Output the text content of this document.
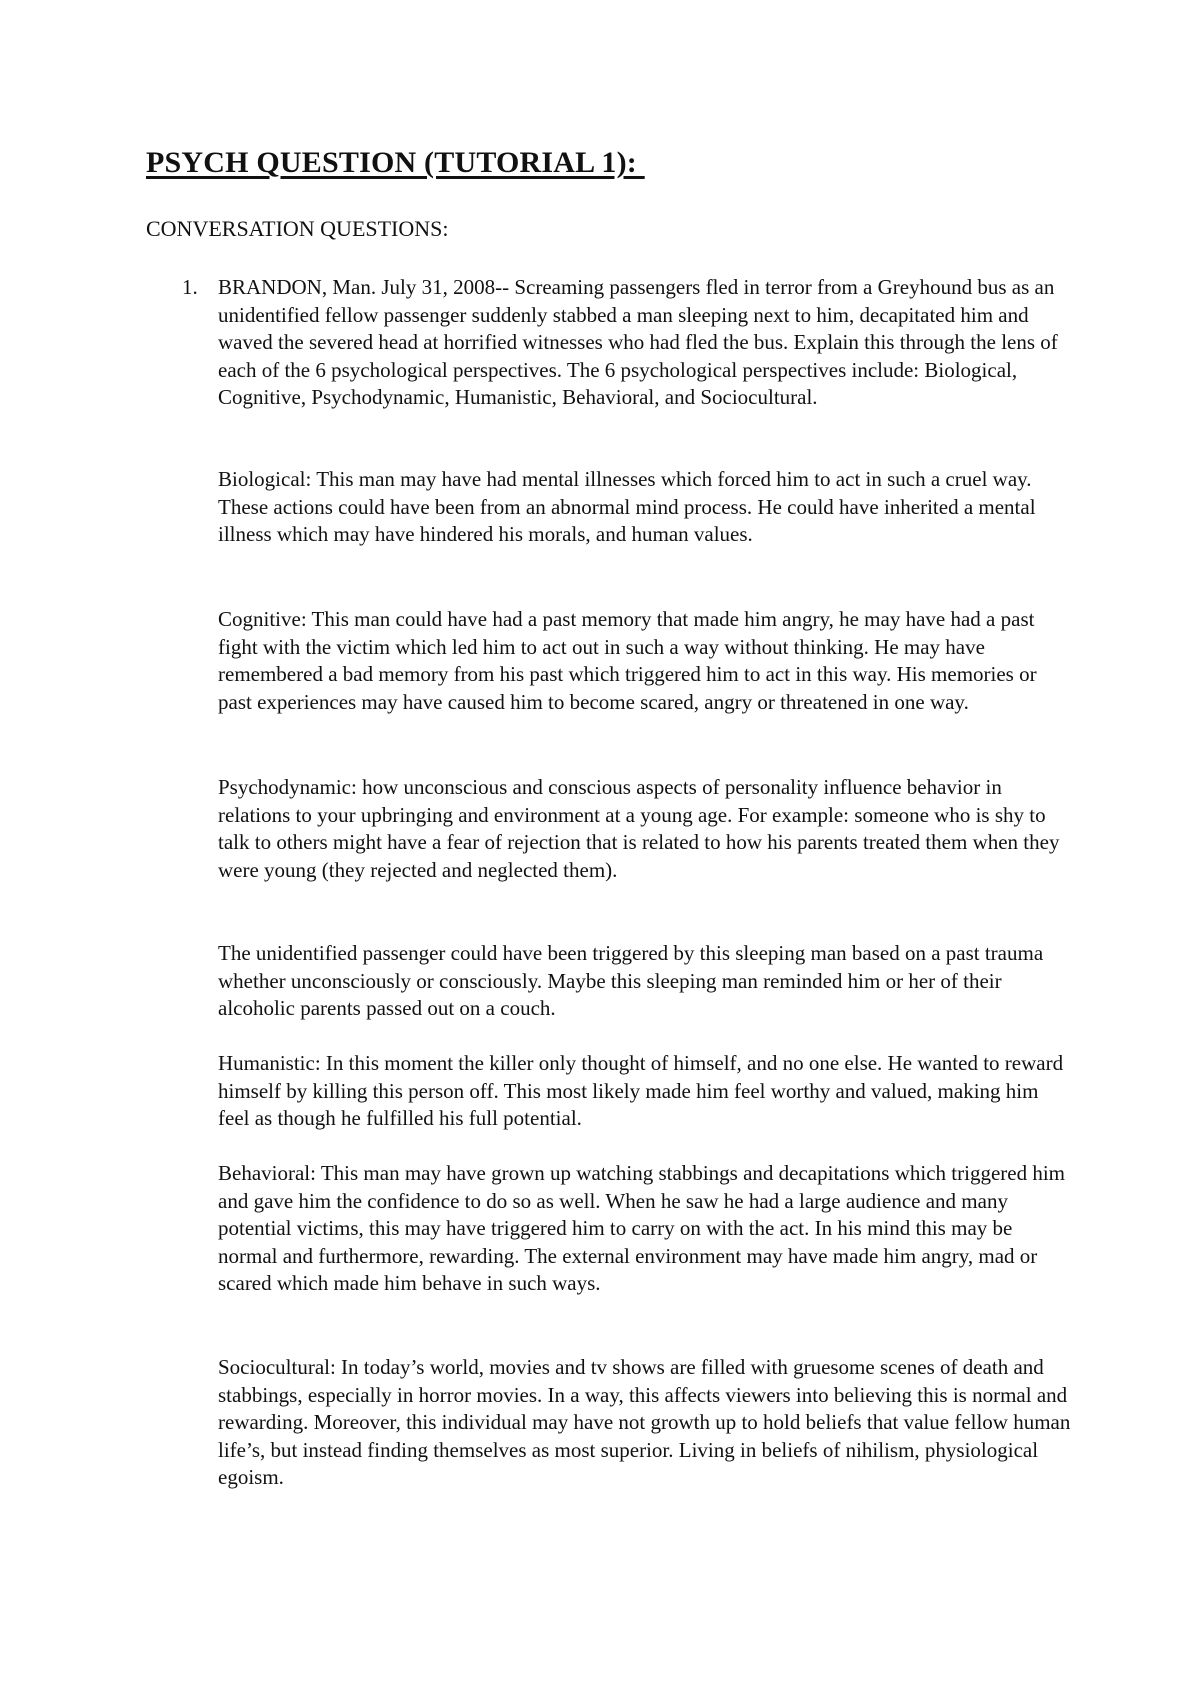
PSYCH QUESTION (TUTORIAL 1):

CONVERSATION QUESTIONS:

1. BRANDON, Man. July 31, 2008-- Screaming passengers fled in terror from a Greyhound bus as an unidentified fellow passenger suddenly stabbed a man sleeping next to him, decapitated him and waved the severed head at horrified witnesses who had fled the bus. Explain this through the lens of each of the 6 psychological perspectives. The 6 psychological perspectives include: Biological, Cognitive, Psychodynamic, Humanistic, Behavioral, and Sociocultural.

Biological: This man may have had mental illnesses which forced him to act in such a cruel way. These actions could have been from an abnormal mind process. He could have inherited a mental illness which may have hindered his morals, and human values.

Cognitive: This man could have had a past memory that made him angry, he may have had a past fight with the victim which led him to act out in such a way without thinking. He may have remembered a bad memory from his past which triggered him to act in this way. His memories or past experiences may have caused him to become scared, angry or threatened in one way.

Psychodynamic: how unconscious and conscious aspects of personality influence behavior in relations to your upbringing and environment at a young age. For example: someone who is shy to talk to others might have a fear of rejection that is related to how his parents treated them when they were young (they rejected and neglected them).

The unidentified passenger could have been triggered by this sleeping man based on a past trauma whether unconsciously or consciously. Maybe this sleeping man reminded him or her of their alcoholic parents passed out on a couch.

Humanistic: In this moment the killer only thought of himself, and no one else. He wanted to reward himself by killing this person off. This most likely made him feel worthy and valued, making him feel as though he fulfilled his full potential.

Behavioral: This man may have grown up watching stabbings and decapitations which triggered him and gave him the confidence to do so as well. When he saw he had a large audience and many potential victims, this may have triggered him to carry on with the act. In his mind this may be normal and furthermore, rewarding. The external environment may have made him angry, mad or scared which made him behave in such ways.

Sociocultural: In today’s world, movies and tv shows are filled with gruesome scenes of death and stabbings, especially in horror movies. In a way, this affects viewers into believing this is normal and rewarding. Moreover, this individual may have not growth up to hold beliefs that value fellow human life’s, but instead finding themselves as most superior. Living in beliefs of nihilism, physiological egoism.
